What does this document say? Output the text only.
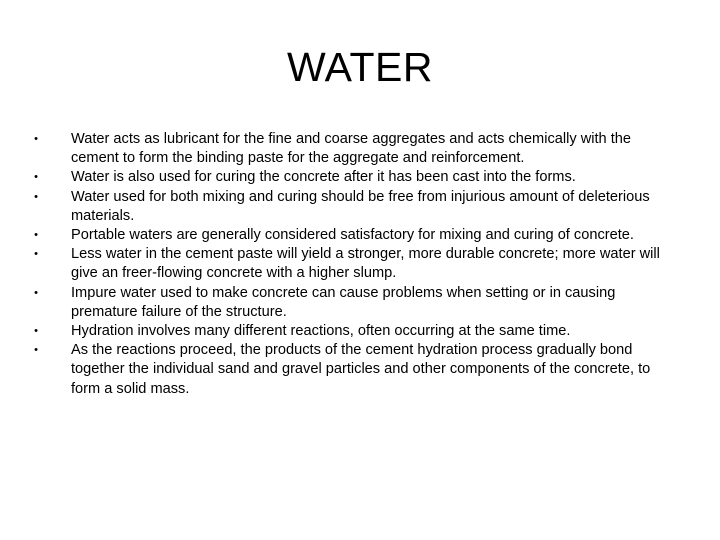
WATER
• Water acts as lubricant for the fine and coarse aggregates and acts chemically with the cement to form the binding paste for the aggregate and reinforcement.
• Water is also used for curing the concrete after it has been cast into the forms.
• Water used for both mixing and curing should be free from injurious amount of deleterious materials.
• Portable waters are generally considered satisfactory for mixing and curing of concrete.
• Less water in the cement paste will yield a stronger, more durable concrete; more water will give an freer-flowing concrete with a higher slump.
• Impure water used to make concrete can cause problems when setting or in causing premature failure of the structure.
• Hydration involves many different reactions, often occurring at the same time.
• As the reactions proceed, the products of the cement hydration process gradually bond together the individual sand and gravel particles and other components of the concrete, to form a solid mass.
